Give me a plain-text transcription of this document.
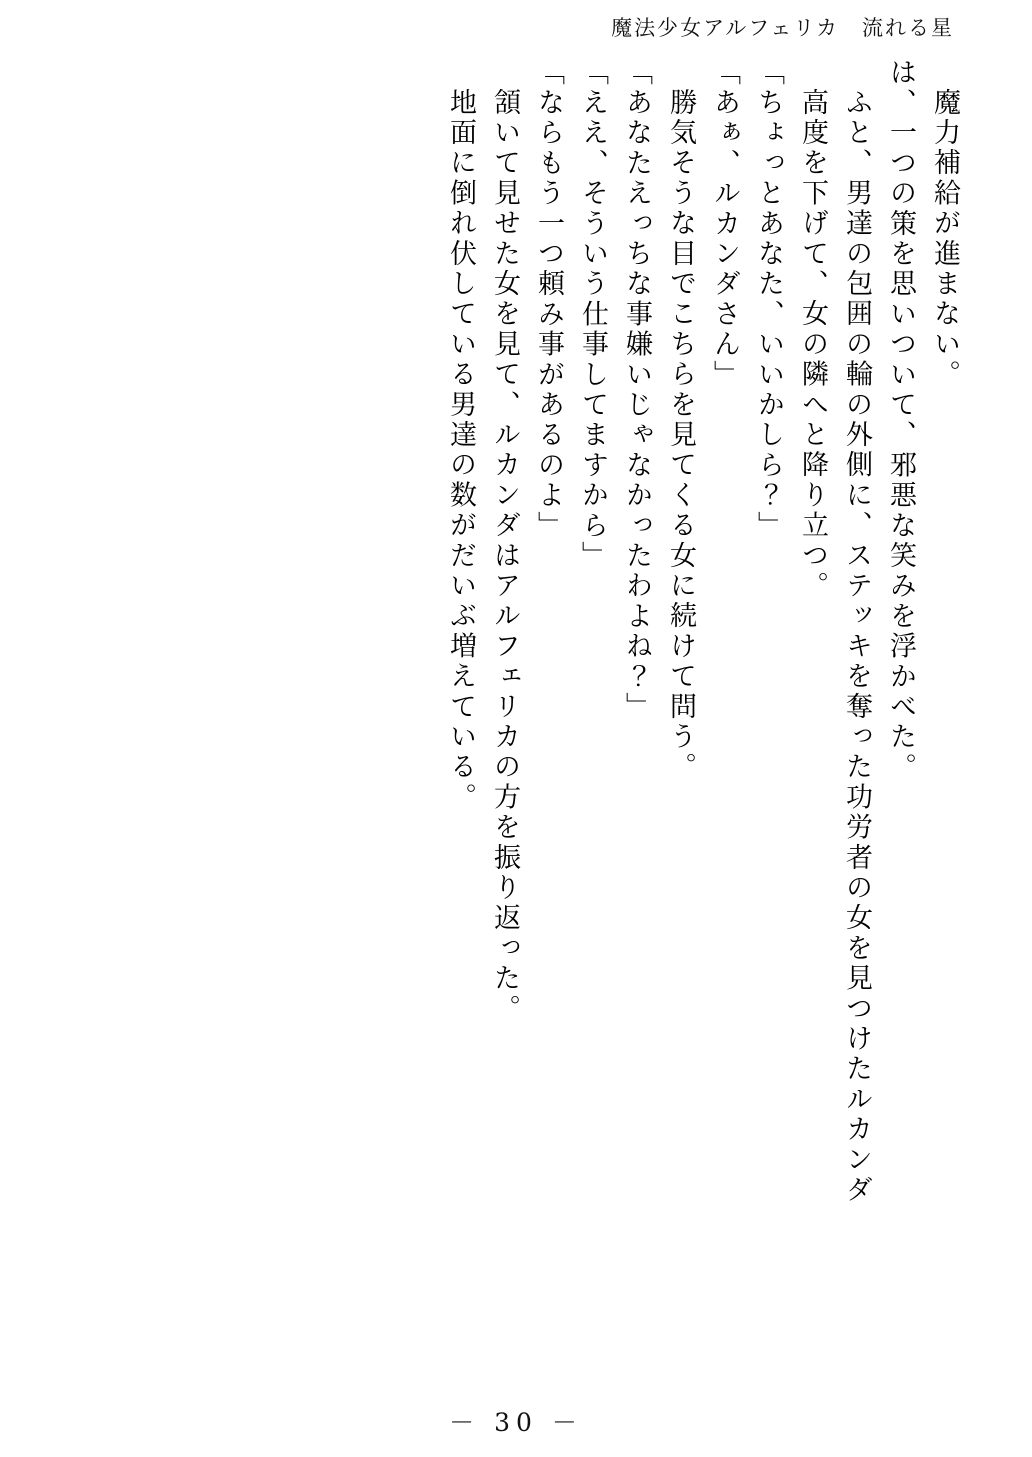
魔法少女アルフェリカ　流れる星
魔力補給が進まない。
は、一つの策を思いついて、邪悪な笑みを浮かべた。
ふと、男達の包囲の輪の外側に、ステッキを奪った功労者の女を見つけたルカンダ
高度を下げて、女の隣へと降り立つ。
「ちょっとあなた、いいかしら？」
「あぁ、ルカンダさん」
勝気そうな目でこちらを見てくる女に続けて問う。
「あなたえっちな事嫌いじゃなかったわよね？」
「ええ、そういう仕事してますから」
「ならもう一つ頼み事があるのよ」
頷いて見せた女を見て、ルカンダはアルフェリカの方を振り返った。
地面に倒れ伏している男達の数がだいぶ増えている。
－ 30 －
